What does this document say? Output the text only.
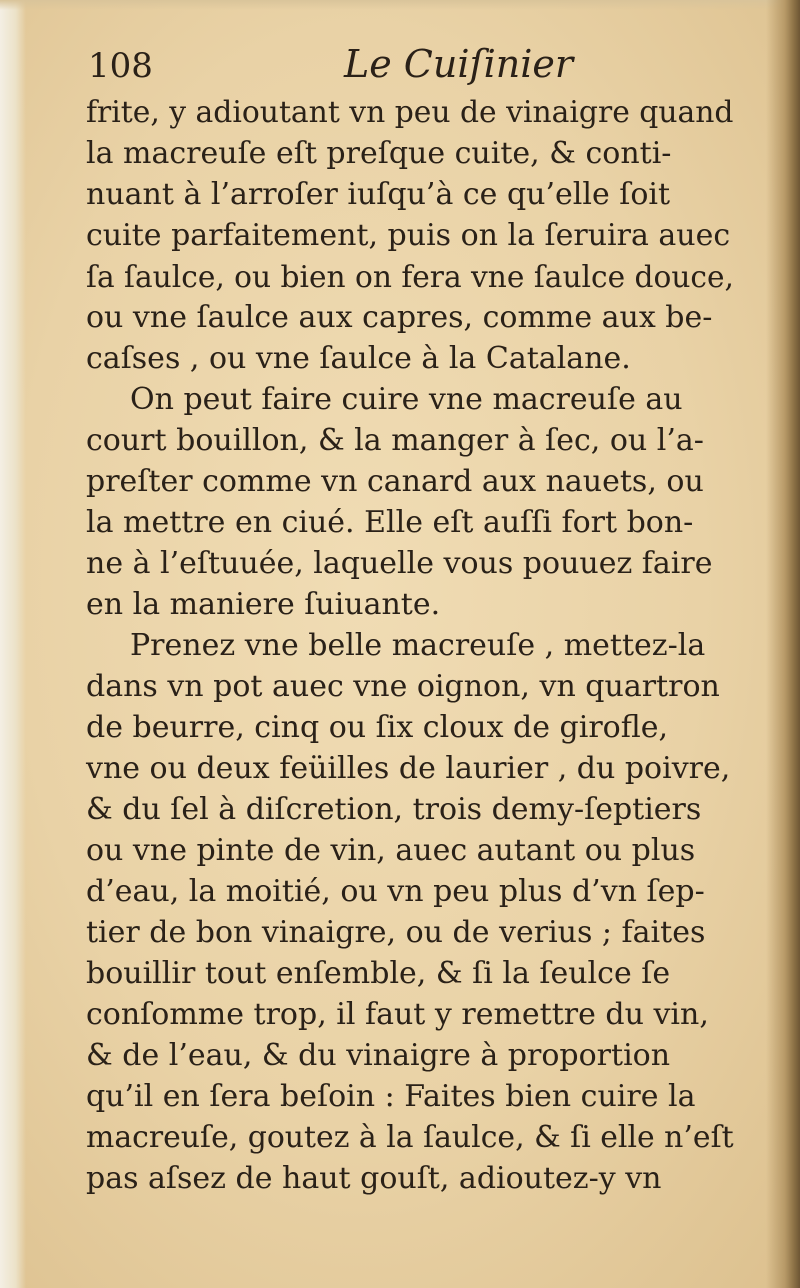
108	Le Cuiſinier
frite, y adioutant vn peu de vinaigre quand
la macreuſe eſt preſque cuite, & conti-
nuant à l’arroſer iuſqu’à ce qu’elle ſoit
cuite parfaitement, puis on la ſeruira auec
ſa ſaulce, ou bien on fera vne ſaulce douce,
ou vne ſaulce aux capres, comme aux be-
caſses , ou vne ſaulce à la Catalane.
On peut faire cuire vne macreuſe au
court bouillon, & la manger à ſec, ou l’a-
preſter comme vn canard aux nauets, ou
la mettre en ciué. Elle eſt auſſi fort bon-
ne à l’eſtuuée, laquelle vous pouuez faire
en la maniere ſuiuante.
Prenez vne belle macreuſe , mettez-la
dans vn pot auec vne oignon, vn quartron
de beurre, cinq ou ſix cloux de girofle,
vne ou deux feüilles de laurier , du poivre,
& du ſel à diſcretion, trois demy-ſeptiers
ou vne pinte de vin, auec autant ou plus
d’eau, la moitié, ou vn peu plus d’vn ſep-
tier de bon vinaigre, ou de verius ; faites
bouillir tout enſemble, & ſi la ſeulce ſe
conſomme trop, il faut y remettre du vin,
& de l’eau, & du vinaigre à proportion
qu’il en ſera beſoin : Faites bien cuire la
macreuſe, goutez à la ſaulce, & ſi elle n’eſt
pas aſsez de haut gouſt, adioutez-y vn
